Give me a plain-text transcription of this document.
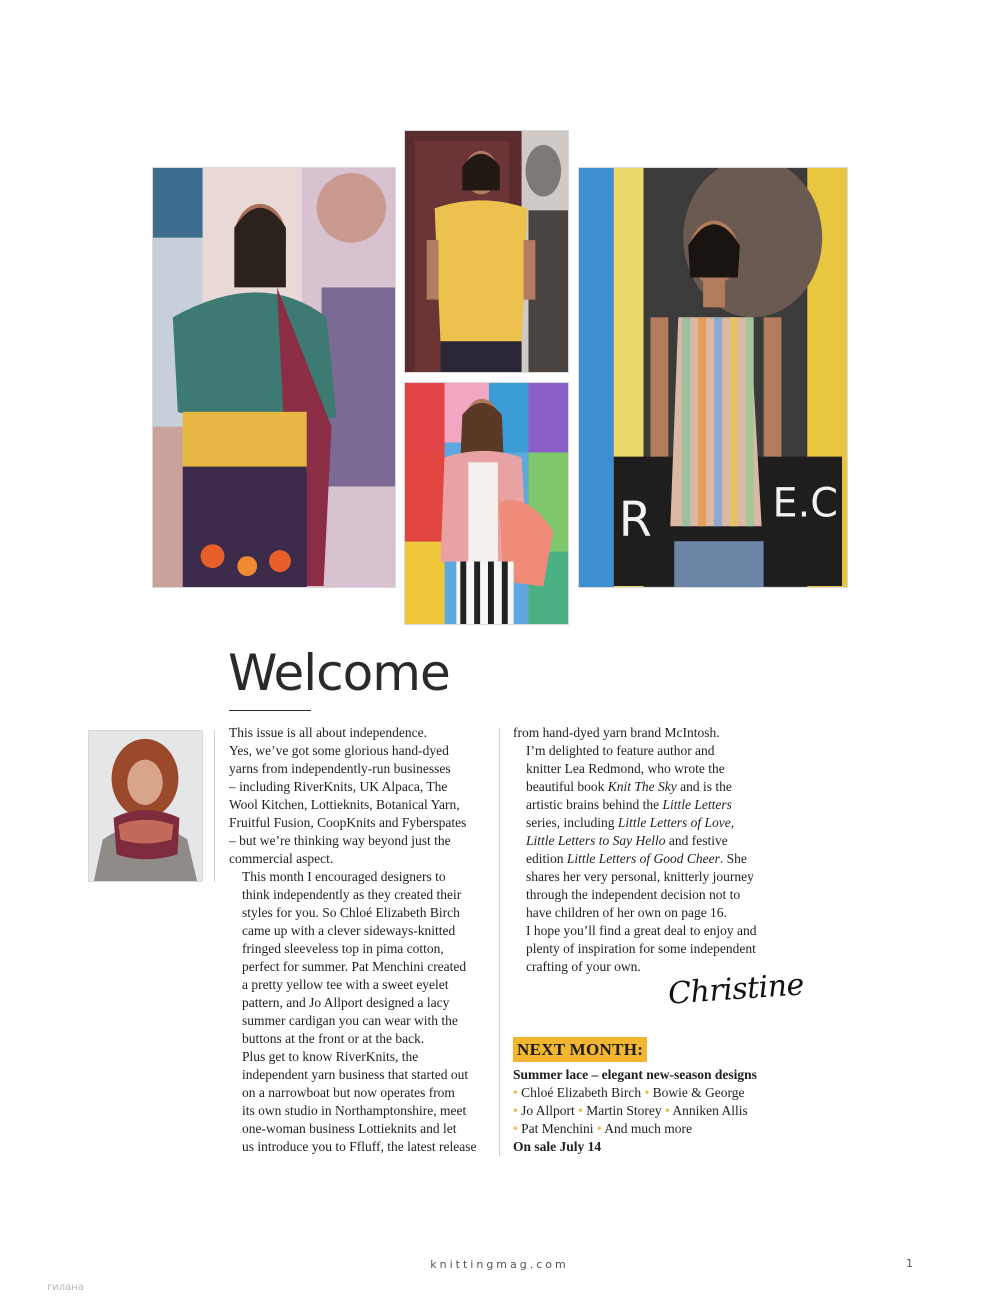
R	E.C
Welcome

This issue is all about independence.
Yes, we’ve got some glorious hand-dyed
yarns from independently-run businesses
– including RiverKnits, UK Alpaca, The
Wool Kitchen, Lottieknits, Botanical Yarn,
Fruitful Fusion, CoopKnits and Fyberspates
– but we’re thinking way beyond just the
commercial aspect.

This month I encouraged designers to
think independently as they created their
styles for you. So Chloé Elizabeth Birch
came up with a clever sideways-knitted
fringed sleeveless top in pima cotton,
perfect for summer. Pat Menchini created
a pretty yellow tee with a sweet eyelet
pattern, and Jo Allport designed a lacy
summer cardigan you can wear with the
buttons at the front or at the back.

Plus get to know RiverKnits, the
independent yarn business that started out
on a narrowboat but now operates from
its own studio in Northamptonshire, meet
one-woman business Lottieknits and let
us introduce you to Ffluff, the latest release

from hand-dyed yarn brand McIntosh.

I’m delighted to feature author and
knitter Lea Redmond, who wrote the
beautiful book Knit The Sky and is the
artistic brains behind the Little Letters
series, including Little Letters of Love,
Little Letters to Say Hello and festive
edition Little Letters of Good Cheer. She
shares her very personal, knitterly journey
through the independent decision not to
have children of her own on page 16.

I hope you’ll find a great deal to enjoy and
plenty of inspiration for some independent
crafting of your own.

Christine
NEXT MONTH:
Summer lace – elegant new-season designs
• Chloé Elizabeth Birch • Bowie & George
• Jo Allport • Martin Storey • Anniken Allis
• Pat Menchini • And much more
On sale July 14
knittingmag.com	1
гилана
